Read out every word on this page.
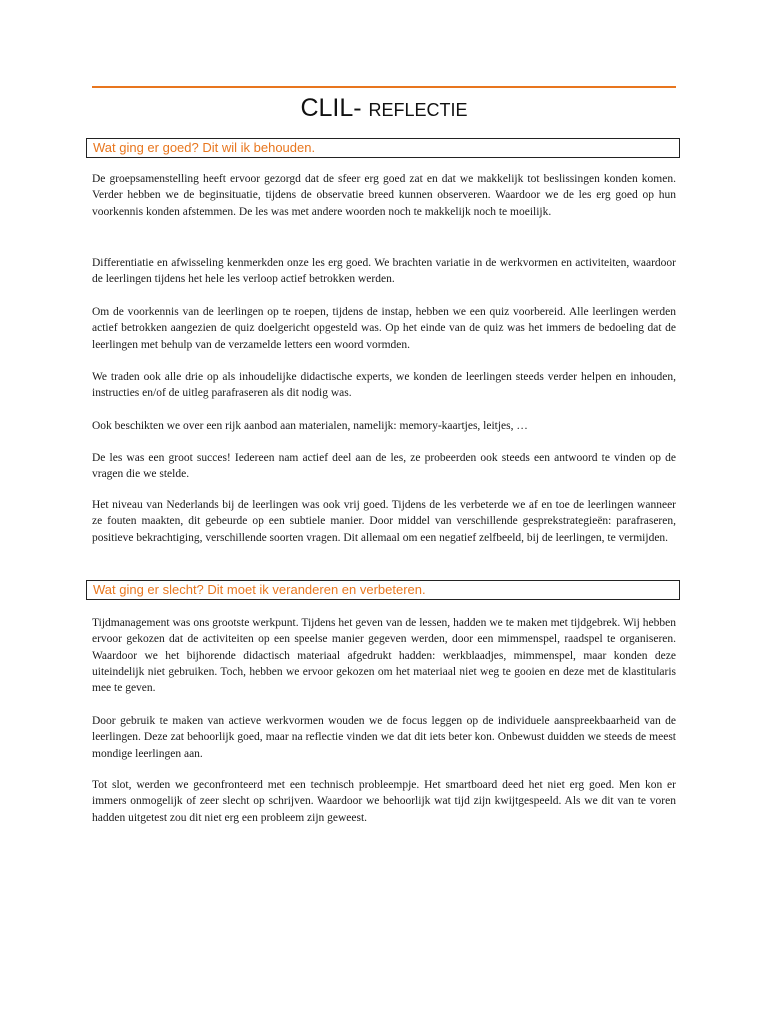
CLIL- reflectie
Wat ging er goed? Dit wil ik behouden.

De groepsamenstelling heeft ervoor gezorgd dat de sfeer erg goed zat en dat we makkelijk tot beslissingen konden komen. Verder hebben we de beginsituatie, tijdens de observatie breed kunnen observeren. Waardoor we de les erg goed op hun voorkennis konden afstemmen. De les was met andere woorden noch te makkelijk noch te moeilijk.

Differentiatie en afwisseling kenmerkden onze les erg goed. We brachten variatie in de werkvormen en activiteiten, waardoor de leerlingen tijdens het hele les verloop actief betrokken werden.

Om de voorkennis van de leerlingen op te roepen, tijdens de instap, hebben we een quiz voorbereid. Alle leerlingen werden actief betrokken aangezien de quiz doelgericht opgesteld was. Op het einde van de quiz was het immers de bedoeling dat de leerlingen met behulp van de verzamelde letters een woord vormden.

We traden ook alle drie op als inhoudelijke didactische experts, we konden de leerlingen steeds verder helpen en inhouden, instructies en/of de uitleg parafraseren als dit nodig was.

Ook beschikten we over een rijk aanbod aan materialen, namelijk: memory-kaartjes, leitjes, …

De les was een groot succes! Iedereen nam actief deel aan de les, ze probeerden ook steeds een antwoord te vinden op de vragen die we stelde.

Het niveau van Nederlands bij de leerlingen was ook vrij goed. Tijdens de les verbeterde we af en toe de leerlingen wanneer ze fouten maakten, dit gebeurde op een subtiele manier. Door middel van verschillende gesprekstrategieën: parafraseren, positieve bekrachtiging, verschillende soorten vragen. Dit allemaal om een negatief zelfbeeld, bij de leerlingen, te vermijden.

Wat ging er slecht? Dit moet ik veranderen en verbeteren.

Tijdmanagement was ons grootste werkpunt. Tijdens het geven van de lessen, hadden we te maken met tijdgebrek. Wij hebben ervoor gekozen dat de activiteiten op een speelse manier gegeven werden, door een mimmenspel, raadspel te organiseren. Waardoor we het bijhorende didactisch materiaal afgedrukt hadden: werkblaadjes, mimmenspel, maar konden deze uiteindelijk niet gebruiken. Toch, hebben we ervoor gekozen om het materiaal niet weg te gooien en deze met de klastitularis mee te geven.

Door gebruik te maken van actieve werkvormen wouden we de focus leggen op de individuele aanspreekbaarheid van de leerlingen. Deze zat behoorlijk goed, maar na reflectie vinden we dat dit iets beter kon. Onbewust duidden we steeds de meest mondige leerlingen aan.

Tot slot, werden we geconfronteerd met een technisch probleempje. Het smartboard deed het niet erg goed. Men kon er immers onmogelijk of zeer slecht op schrijven. Waardoor we behoorlijk wat tijd zijn kwijtgespeeld. Als we dit van te voren hadden uitgetest zou dit niet erg een probleem zijn geweest.
